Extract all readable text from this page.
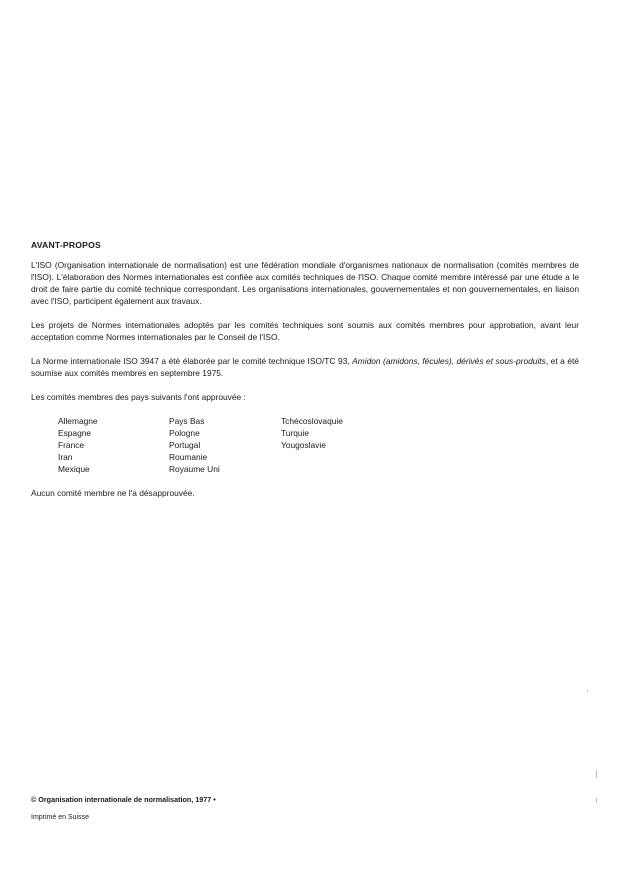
AVANT-PROPOS

L'ISO (Organisation internationale de normalisation) est une fédération mondiale d'organismes nationaux de normalisation (comités membres de l'ISO). L'élaboration des Normes internationales est confiée aux comités techniques de l'ISO. Chaque comité membre intéressé par une étude a le droit de faire partie du comité technique correspondant. Les organisations internationales, gouvernementales et non gouvernementales, en liaison avec l'ISO, participent également aux travaux.

Les projets de Normes internationales adoptés par les comités techniques sont soumis aux comités membres pour approbation, avant leur acceptation comme Normes internationales par le Conseil de l'ISO.

La Norme internationale ISO 3947 a été élaborée par le comité technique ISO/TC 93, Amidon (amidons, fécules), dérivés et sous-produits, et a été soumise aux comités membres en septembre 1975.

Les comités membres des pays suivants l'ont approuvée :

Allemagne
Espagne
France
Iran
Mexique
Pays Bas
Pologne
Portugal
Roumanie
Royaume Uni
Tchécoslovaquie
Turquie
Yougoslavie

Aucun comité membre ne l'a désapprouvée.

© Organisation internationale de normalisation, 1977 •
Imprimé en Suisse
